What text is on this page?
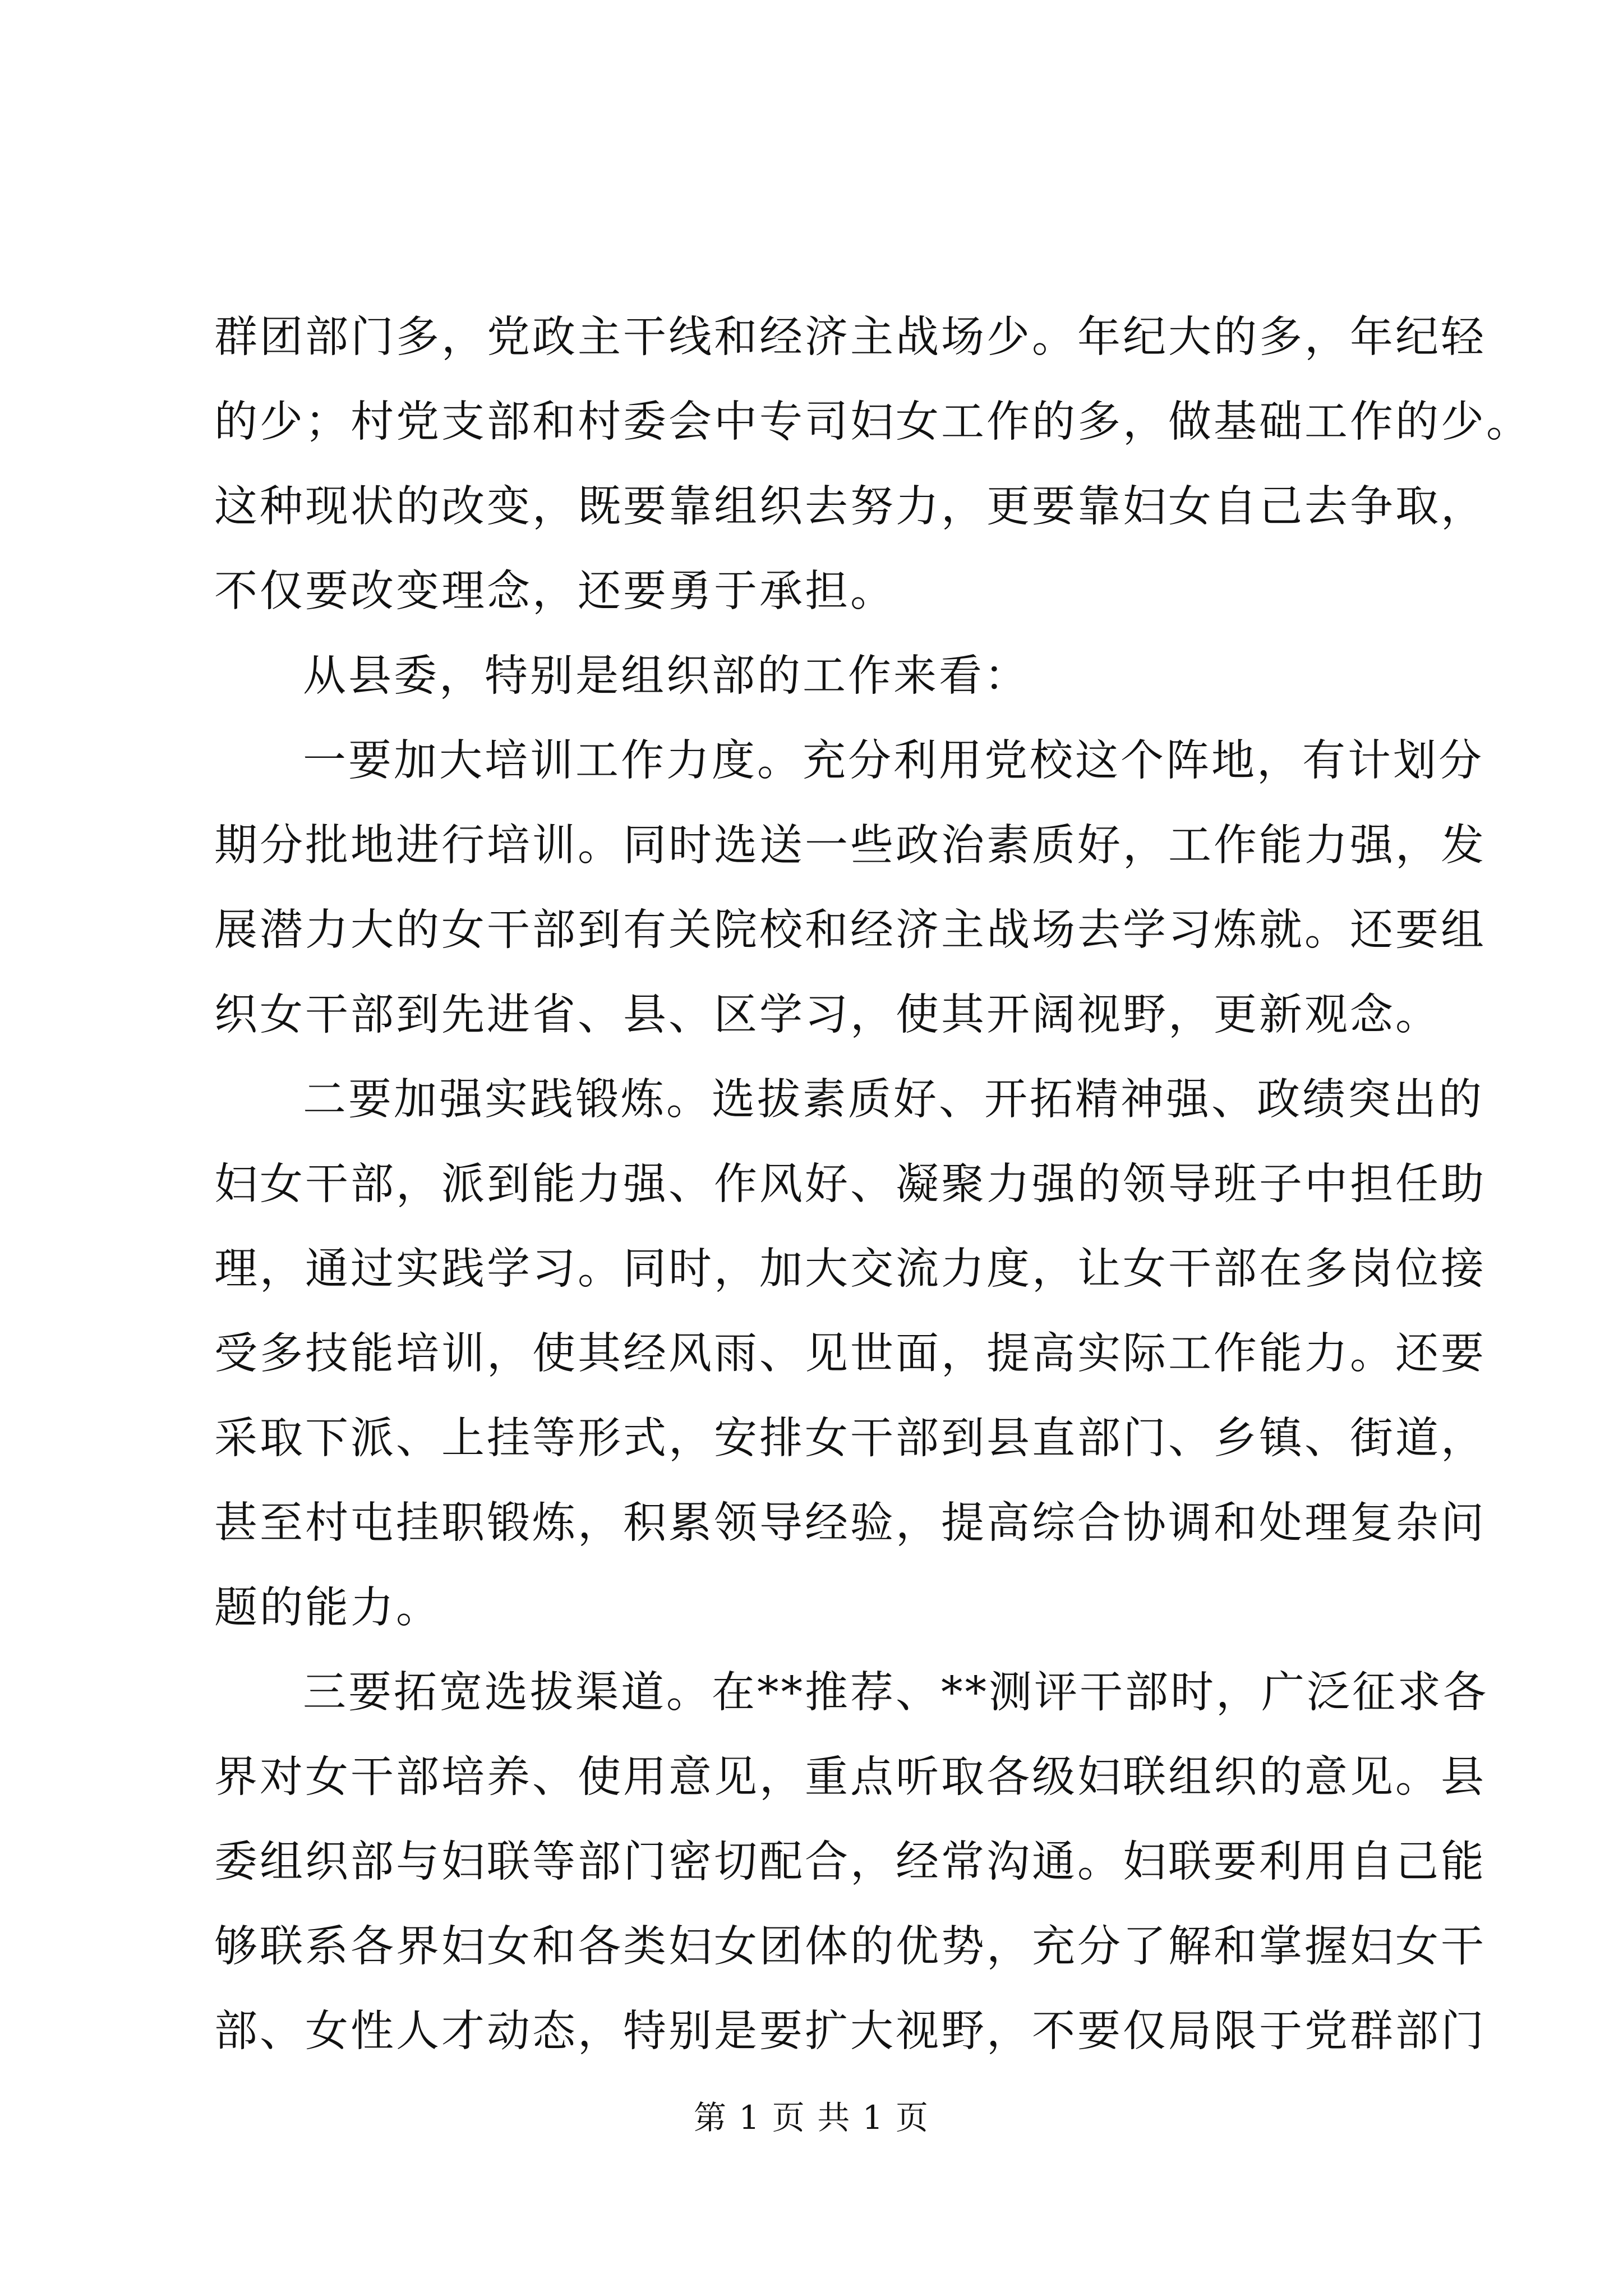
群团部门多，党政主干线和经济主战场少。年纪大的多，年纪轻
的少；村党支部和村委会中专司妇女工作的多，做基础工作的少。
这种现状的改变，既要靠组织去努力，更要靠妇女自己去争取，
不仅要改变理念，还要勇于承担。
从县委，特别是组织部的工作来看：
一要加大培训工作力度。充分利用党校这个阵地，有计划分
期分批地进行培训。同时选送一些政治素质好，工作能力强，发
展潜力大的女干部到有关院校和经济主战场去学习炼就。还要组
织女干部到先进省、县、区学习，使其开阔视野，更新观念。
二要加强实践锻炼。选拔素质好、开拓精神强、政绩突出的
妇女干部，派到能力强、作风好、凝聚力强的领导班子中担任助
理，通过实践学习。同时，加大交流力度，让女干部在多岗位接
受多技能培训，使其经风雨、见世面，提高实际工作能力。还要
采取下派、上挂等形式，安排女干部到县直部门、乡镇、街道，
甚至村屯挂职锻炼，积累领导经验，提高综合协调和处理复杂问
题的能力。
三要拓宽选拔渠道。在**推荐、**测评干部时，广泛征求各
界对女干部培养、使用意见，重点听取各级妇联组织的意见。县
委组织部与妇联等部门密切配合，经常沟通。妇联要利用自己能
够联系各界妇女和各类妇女团体的优势，充分了解和掌握妇女干
部、女性人才动态，特别是要扩大视野，不要仅局限于党群部门
第 1 页 共 1 页
